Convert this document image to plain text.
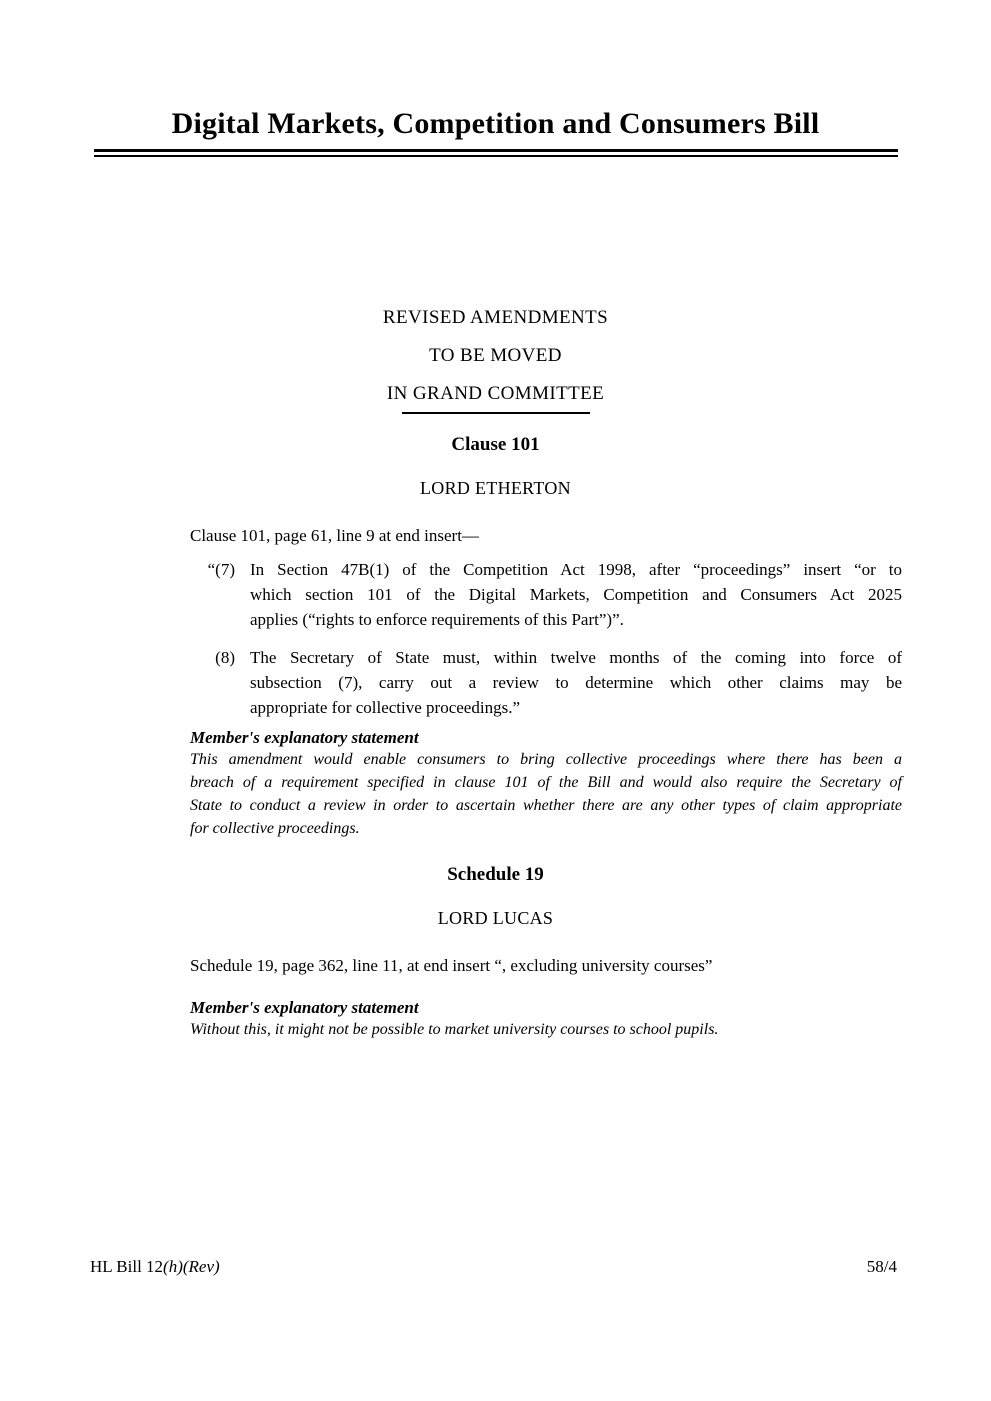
Digital Markets, Competition and Consumers Bill
REVISED AMENDMENTS
TO BE MOVED
IN GRAND COMMITTEE
Clause 101
LORD ETHERTON

Clause 101, page 61, line 9 at end insert—

“(7) In Section 47B(1) of the Competition Act 1998, after “proceedings” insert “or to
which section 101 of the Digital Markets, Competition and Consumers Act 2025
applies (“rights to enforce requirements of this Part”)”.
(8) The Secretary of State must, within twelve months of the coming into force of
subsection (7), carry out a review to determine which other claims may be
appropriate for collective proceedings.”

Member's explanatory statement

This amendment would enable consumers to bring collective proceedings where there has been a
breach of a requirement specified in clause 101 of the Bill and would also require the Secretary of
State to conduct a review in order to ascertain whether there are any other types of claim appropriate
for collective proceedings.
Schedule 19
LORD LUCAS

Schedule 19, page 362, line 11, at end insert “, excluding university courses”

Member's explanatory statement

Without this, it might not be possible to market university courses to school pupils.
HL Bill 12(h)(Rev)	58/4
